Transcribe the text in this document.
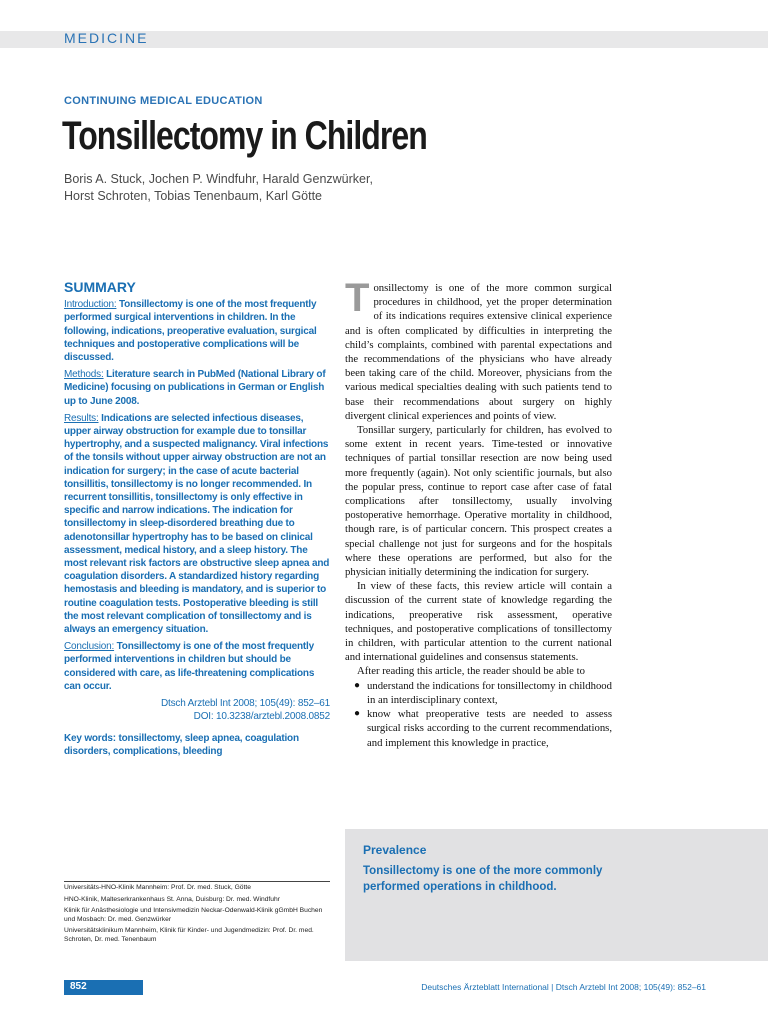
MEDICINE
CONTINUING MEDICAL EDUCATION
Tonsillectomy in Children
Boris A. Stuck, Jochen P. Windfuhr, Harald Genzwürker,
Horst Schroten, Tobias Tenenbaum, Karl Götte
SUMMARY

Introduction: Tonsillectomy is one of the most frequently performed surgical interventions in children. In the following, indications, preoperative evaluation, surgical techniques and postoperative complications will be discussed.

Methods: Literature search in PubMed (National Library of Medicine) focusing on publications in German or English up to June 2008.

Results: Indications are selected infectious diseases, upper airway obstruction for example due to tonsillar hypertrophy, and a suspected malignancy. Viral infections of the tonsils without upper airway obstruction are not an indication for surgery; in the case of acute bacterial tonsillitis, tonsillectomy is no longer recommended. In recurrent tonsillitis, tonsillectomy is only effective in specific and narrow indications. The indication for tonsillectomy in sleep-disordered breathing due to adenotonsillar hypertrophy has to be based on clinical assessment, medical history, and a sleep history. The most relevant risk factors are obstructive sleep apnea and coagulation disorders. A standardized history regarding hemostasis and bleeding is mandatory, and is superior to routine coagulation tests. Postoperative bleeding is still the most relevant complication of tonsillectomy and is always an emergency situation.

Conclusion: Tonsillectomy is one of the most frequently performed interventions in children but should be considered with care, as life-threatening complications can occur.

Dtsch Arztebl Int 2008; 105(49): 852–61

DOI: 10.3238/arztebl.2008.0852

Key words: tonsillectomy, sleep apnea, coagulation disorders, complications, bleeding

Tonsillectomy is one of the more common surgical procedures in childhood, yet the proper determination of its indications requires extensive clinical experience and is often complicated by difficulties in interpreting the child’s complaints, combined with parental expectations and the recommendations of the physicians who have already been taking care of the child. Moreover, physicians from the various medical specialties dealing with such patients tend to base their recommendations about surgery on highly divergent clinical experiences and points of view.

Tonsillar surgery, particularly for children, has evolved to some extent in recent years. Time-tested or innovative techniques of partial tonsillar resection are now being used more frequently (again). Not only scientific journals, but also the popular press, continue to report case after case of fatal complications after tonsillectomy, usually involving postoperative hemorrhage. Operative mortality in childhood, though rare, is of particular concern. This prospect creates a special challenge not just for surgeons and for the hospitals where these operations are performed, but also for the physician initially determining the indication for surgery.

In view of these facts, this review article will contain a discussion of the current state of knowledge regarding the indications, preoperative risk assessment, operative techniques, and postoperative complications of tonsillectomy in children, with particular attention to the current national and international guidelines and consensus statements.

After reading this article, the reader should be able to

● understand the indications for tonsillectomy in childhood in an interdisciplinary context,
● know what preoperative tests are needed to assess surgical risks according to the current recommendations, and implement this knowledge in practice,
Prevalence
Tonsillectomy is one of the more commonly performed operations in childhood.
Universitäts-HNO-Klinik Mannheim: Prof. Dr. med. Stuck, Götte
HNO-Klinik, Malteserkrankenhaus St. Anna, Duisburg: Dr. med. Windfuhr
Klinik für Anästhesiologie und Intensivmedizin Neckar-Odenwald-Klinik gGmbH Buchen und Mosbach: Dr. med. Genzwürker
Universitätsklinikum Mannheim, Klinik für Kinder- und Jugendmedizin: Prof. Dr. med. Schroten, Dr. med. Tenenbaum
852	Deutsches Ärzteblatt International | Dtsch Arztebl Int 2008; 105(49): 852–61
